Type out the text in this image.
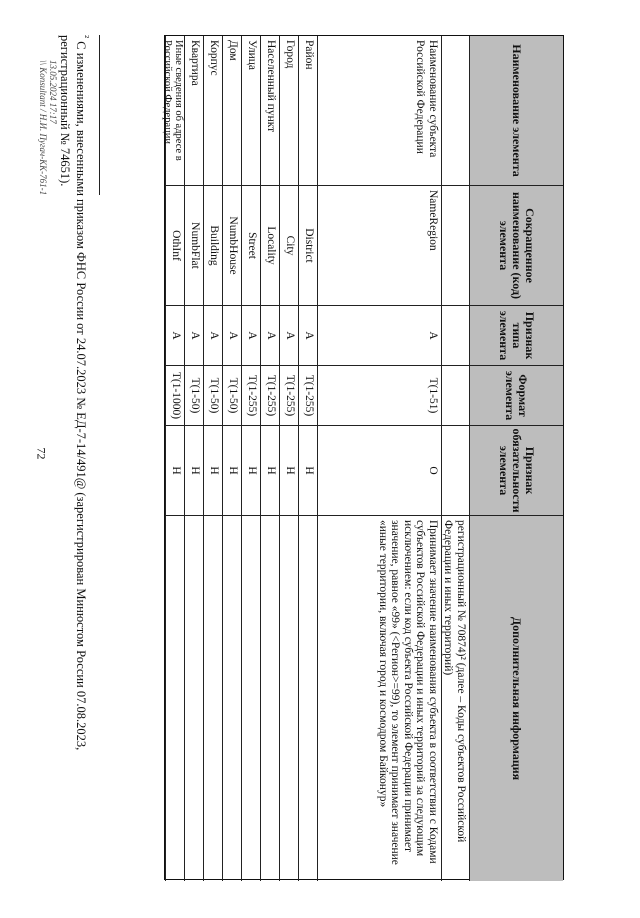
72
Наименование элемента
Сокращенное наименование (код) элемента
Признак типа элемента
Формат элемента
Признак обязательности элемента
Дополнительная информация
регистрационный № 70874)² (далее – Коды субъектов Российской Федерации и иных территорий)
Наименование субъекта Российской Федерации
NameRegion
А
T(1-51)
О
Принимает значение наименования субъекта в соответствии с Кодами субъектов Российской Федерации и иных территорий за следующим исключением: если код субъекта Российской Федерации принимает значение, равное «99» (<Регион>=99), то элемент принимает значение «иные территории, включая город и космодром Байконур»
Район
District
А
T(1-255)
Н
Город
City
А
T(1-255)
Н
Населенный пункт
Locality
А
T(1-255)
Н
Улица
Street
А
T(1-255)
Н
Дом
NumbHouse
А
T(1-50)
Н
Корпус
Building
А
T(1-50)
Н
Квартира
NumbFlat
А
T(1-50)
Н
Иные сведения об адресе в Российской Федерации
OthInf
А
T(1-1000)
Н
$^{^2}$ С изменениями, внесенными приказом ФНС России от 24.07.2023 № ЕД-7-14/491@ (зарегистрирован Минюстом России 07.08.2023, регистрационный № 74651).
13.05.2024 17:17
\\ Konsultant / Н.И. Пугач-КК-761-1
